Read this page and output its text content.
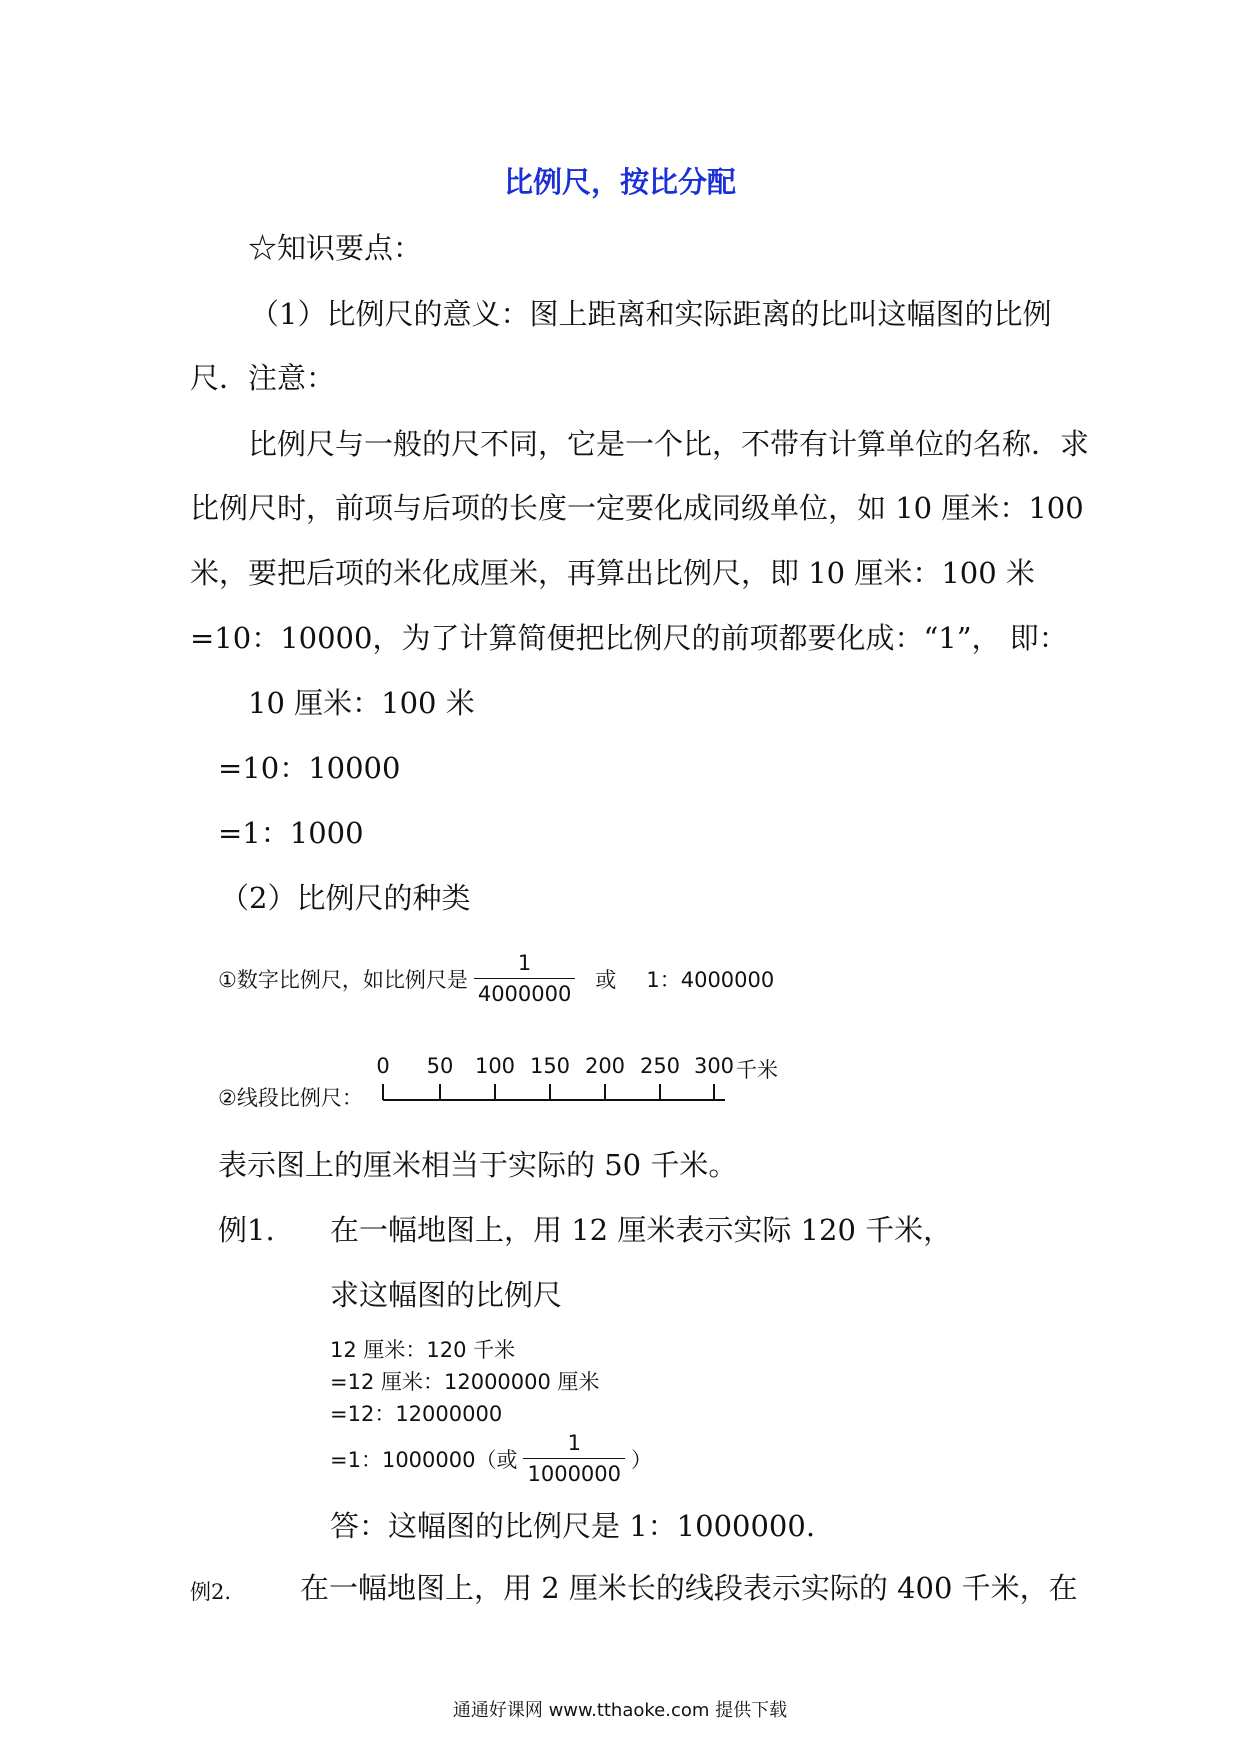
比例尺，按比分配
☆知识要点：
（1）比例尺的意义：图上距离和实际距离的比叫这幅图的比例
尺．注意：
比例尺与一般的尺不同，它是一个比，不带有计算单位的名称．求
比例尺时，前项与后项的长度一定要化成同级单位，如 10 厘米：100
米，要把后项的米化成厘米，再算出比例尺，即 10 厘米：100 米
=10：10000，为了计算简便把比例尺的前项都要化成：“1”， 即：
10 厘米：100 米
=10：10000
=1：1000
（2）比例尺的种类
①数字比例尺，如比例尺是 $\frac{1}{4000000}$ 或 1：4000000
②线段比例尺：
0 50 100 150 200 250 300 千米
表示图上的厘米相当于实际的 50 千米。
例1. 在一幅地图上，用 12 厘米表示实际 120 千米，
求这幅图的比例尺
12 厘米：120 千米
=12 厘米：12000000 厘米
=12：12000000
=1：1000000（或 $\frac{1}{1000000}$ ）
答：这幅图的比例尺是 1：1000000.
例2. 在一幅地图上，用 2 厘米长的线段表示实际的 400 千米，在
通通好课网 www.tthaoke.com 提供下载
